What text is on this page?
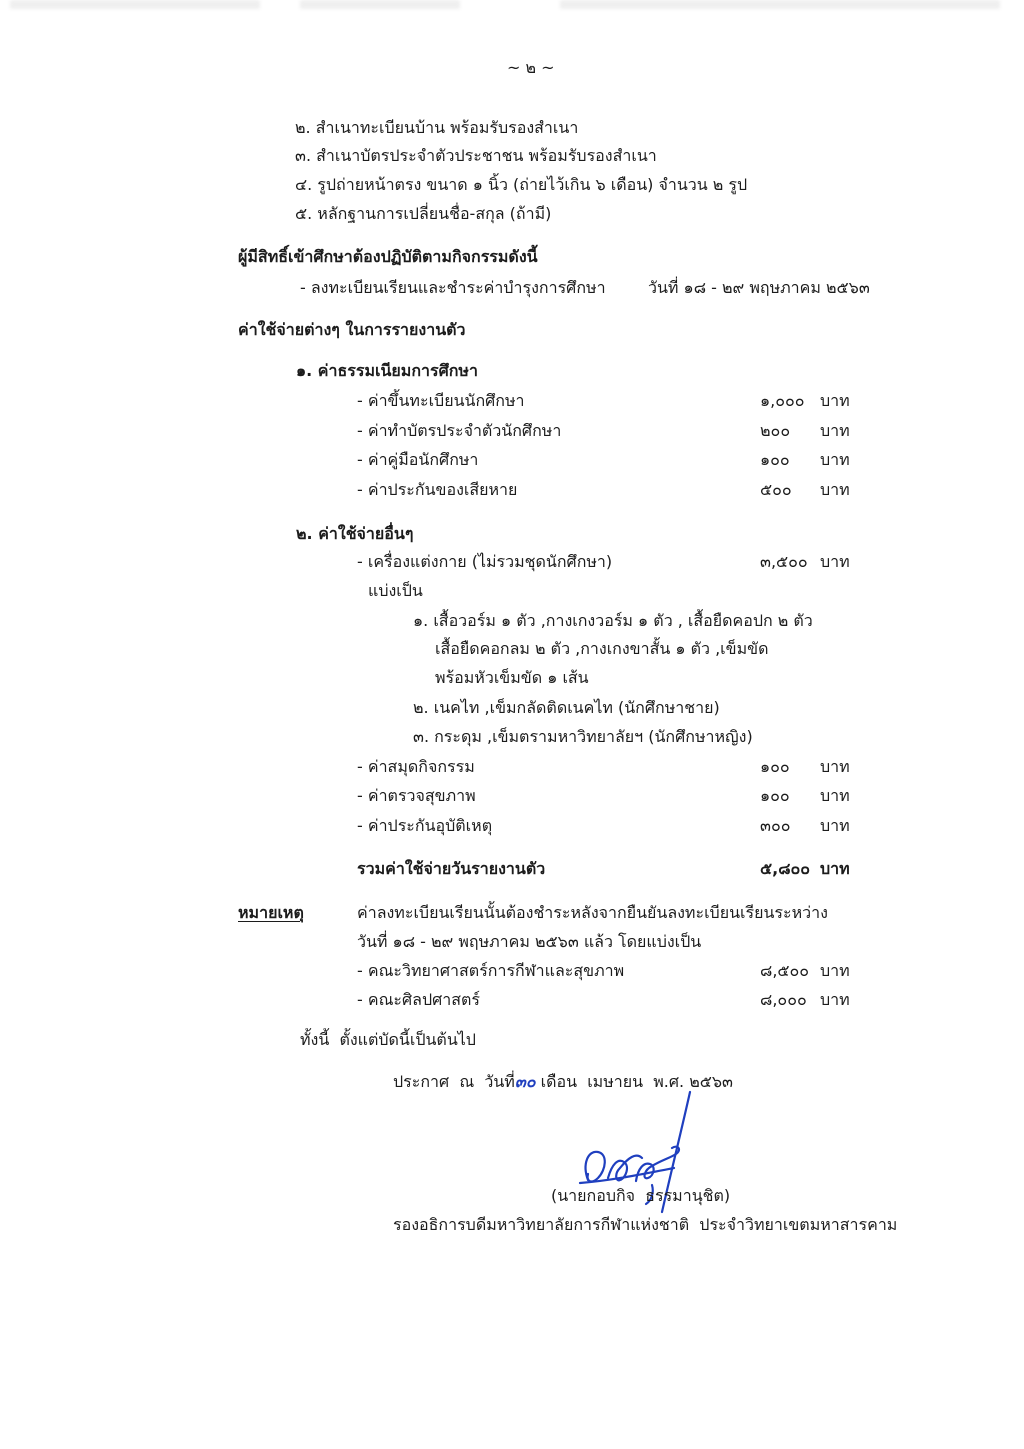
~ ๒ ~
๒. สำเนาทะเบียนบ้าน พร้อมรับรองสำเนา
๓. สำเนาบัตรประจำตัวประชาชน พร้อมรับรองสำเนา
๔. รูปถ่ายหน้าตรง ขนาด ๑ นิ้ว (ถ่ายไว้เกิน ๖ เดือน) จำนวน ๒ รูป
๕. หลักฐานการเปลี่ยนชื่อ-สกุล (ถ้ามี)
ผู้มีสิทธิ์เข้าศึกษาต้องปฏิบัติตามกิจกรรมดังนี้
- ลงทะเบียนเรียนและชำระค่าบำรุงการศึกษา	วันที่ ๑๘ - ๒๙ พฤษภาคม ๒๕๖๓
ค่าใช้จ่ายต่างๆ ในการรายงานตัว
๑. ค่าธรรมเนียมการศึกษา
- ค่าขึ้นทะเบียนนักศึกษา	๑,๐๐๐ บาท
- ค่าทำบัตรประจำตัวนักศึกษา	๒๐๐ บาท
- ค่าคู่มือนักศึกษา	๑๐๐ บาท
- ค่าประกันของเสียหาย	๕๐๐ บาท
๒. ค่าใช้จ่ายอื่นๆ
- เครื่องแต่งกาย (ไม่รวมชุดนักศึกษา)	๓,๕๐๐ บาท
แบ่งเป็น
๑. เสื้อวอร์ม ๑ ตัว ,กางเกงวอร์ม ๑ ตัว , เสื้อยืดคอปก ๒ ตัว
เสื้อยืดคอกลม ๒ ตัว ,กางเกงขาสั้น ๑ ตัว ,เข็มขัด
พร้อมหัวเข็มขัด ๑ เส้น
๒. เนคไท ,เข็มกลัดติดเนคไท (นักศึกษาชาย)
๓. กระดุม ,เข็มตรามหาวิทยาลัยฯ (นักศึกษาหญิง)
- ค่าสมุดกิจกรรม	๑๐๐ บาท
- ค่าตรวจสุขภาพ	๑๐๐ บาท
- ค่าประกันอุบัติเหตุ	๓๐๐ บาท
รวมค่าใช้จ่ายวันรายงานตัว	๕,๘๐๐ บาท
หมายเหตุ	ค่าลงทะเบียนเรียนนั้นต้องชำระหลังจากยืนยันลงทะเบียนเรียนระหว่าง
วันที่ ๑๘ - ๒๙ พฤษภาคม ๒๕๖๓ แล้ว โดยแบ่งเป็น
- คณะวิทยาศาสตร์การกีฬาและสุขภาพ	๘,๕๐๐ บาท
- คณะศิลปศาสตร์	๘,๐๐๐ บาท
ทั้งนี้  ตั้งแต่บัดนี้เป็นต้นไป
ประกาศ  ณ  วันที่๓๐ เดือน  เมษายน  พ.ศ. ๒๕๖๓
(นายกอบกิจ  ธรรมานุชิต)
รองอธิการบดีมหาวิทยาลัยการกีฬาแห่งชาติ  ประจำวิทยาเขตมหาสารคาม
